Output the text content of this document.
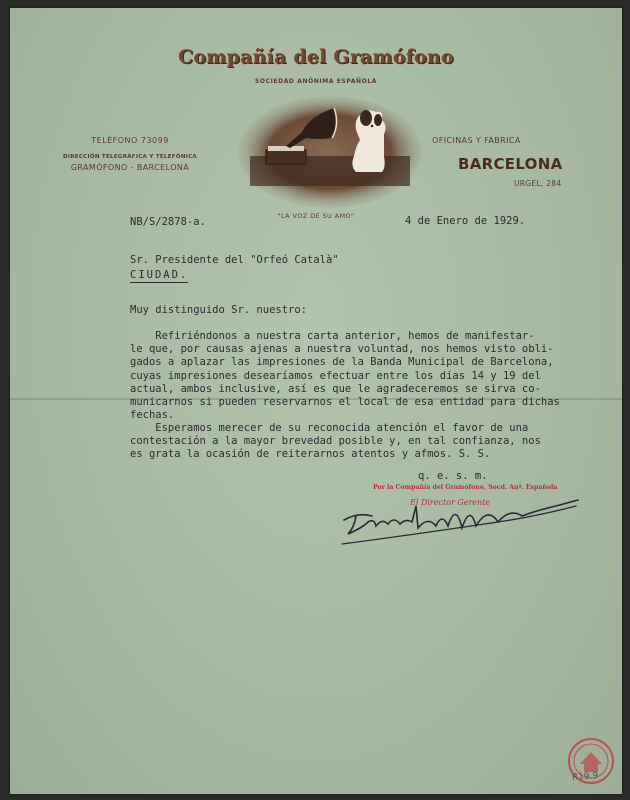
Compañía del Gramófono
SOCIEDAD ANÓNIMA ESPAÑOLA
TELÉFONO 73099
DIRECCIÓN TELEGRÁFICA Y TELEFÓNICA
GRAMÓFONO - BARCELONA
OFICINAS Y FÁBRICA
BARCELONA
URGEL, 284
"LA VOZ DE SU AMO"
NB/S/2878-a.	4 de Enero de 1929.
Sr. Presidente del "Orfeó Català"
CIUDAD.
Muy distinguido Sr. nuestro:
Refiriéndonos a nuestra carta anterior, hemos de manifestar-
le que, por causas ajenas a nuestra voluntad, nos hemos visto obli-
gados a aplazar las impresiones de la Banda Municipal de Barcelona,
cuyas impresiones desearíamos efectuar entre los días 14 y 19 del
actual, ambos inclusive, así es que le agradeceremos se sirva co-
municarnos si pueden reservarnos el local de esa entidad para dichas
fechas.
Esperamos merecer de su reconocida atención el favor de una
contestación a la mayor brevedad posible y, en tal confianza, nos
es grata la ocasión de reiterarnos atentos y afmos. S. S.
q. e. s. m.
Por la Compañía del Gramófono, Socd. Anª. Española
El Director Gerente
R19.9
